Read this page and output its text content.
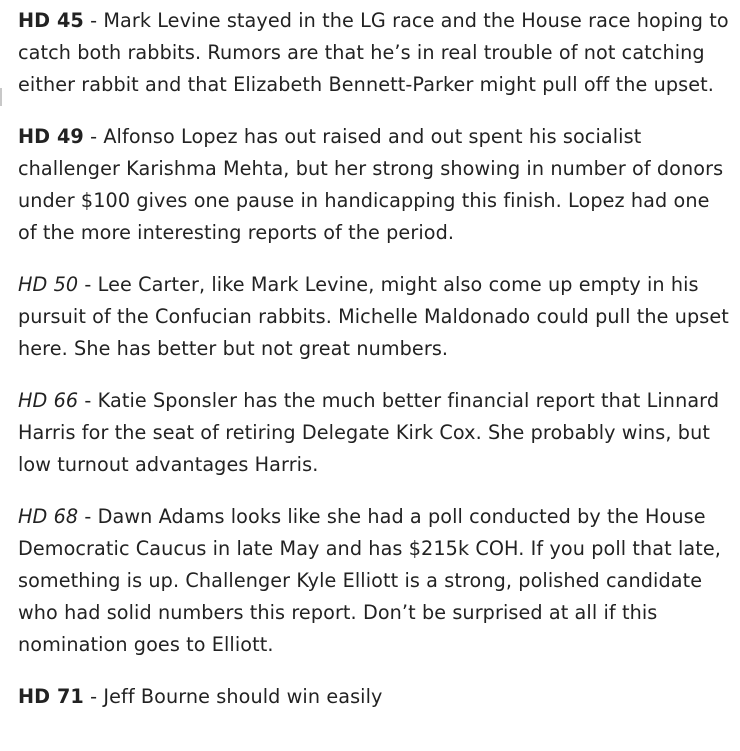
HD 45 - Mark Levine stayed in the LG race and the House race hoping to catch both rabbits. Rumors are that he’s in real trouble of not catching either rabbit and that Elizabeth Bennett-Parker might pull off the upset.

HD 49 - Alfonso Lopez has out raised and out spent his socialist challenger Karishma Mehta, but her strong showing in number of donors under $100 gives one pause in handicapping this finish. Lopez had one of the more interesting reports of the period.

HD 50 - Lee Carter, like Mark Levine, might also come up empty in his pursuit of the Confucian rabbits. Michelle Maldonado could pull the upset here. She has better but not great numbers.

HD 66 - Katie Sponsler has the much better financial report that Linnard Harris for the seat of retiring Delegate Kirk Cox. She probably wins, but low turnout advantages Harris.

HD 68 - Dawn Adams looks like she had a poll conducted by the House Democratic Caucus in late May and has $215k COH. If you poll that late, something is up. Challenger Kyle Elliott is a strong, polished candidate who had solid numbers this report. Don’t be surprised at all if this nomination goes to Elliott.

HD 71 - Jeff Bourne should win easily
